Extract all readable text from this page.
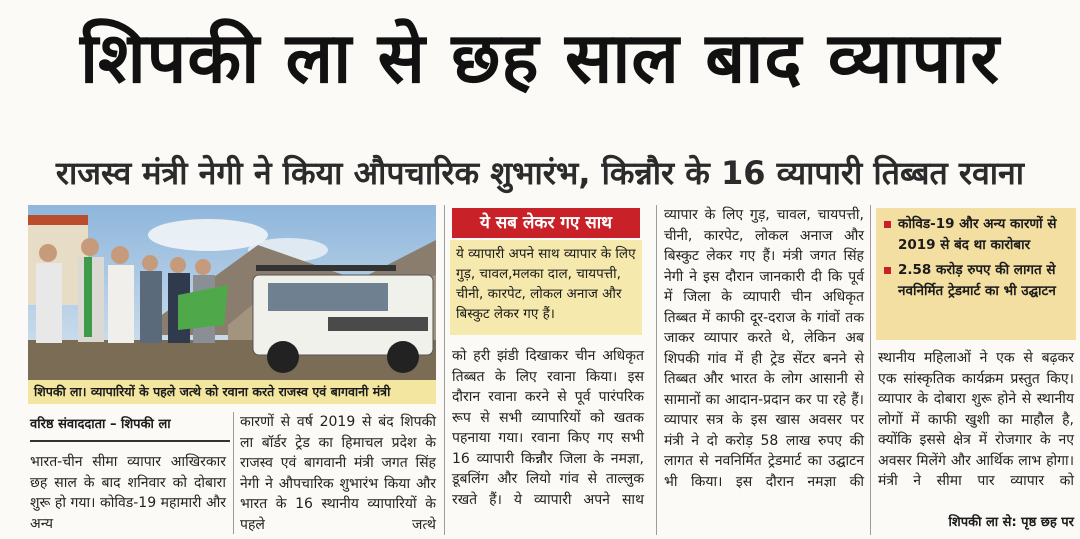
शिपकी ला से छह साल बाद व्यापार
राजस्व मंत्री नेगी ने किया औपचारिक शुभारंभ, किन्नौर के 16 व्यापारी तिब्बत रवाना
शिपकी ला। व्यापारियों के पहले जत्थे को रवाना करते राजस्व एवं बागवानी मंत्री
वरिष्ठ संवाददाता – शिपकी ला

भारत-चीन सीमा व्यापार आखिरकार छह साल के बाद शनिवार को दोबारा शुरू हो गया। कोविड-19 महामारी और अन्य

कारणों से वर्ष 2019 से बंद शिपकी ला बॉर्डर ट्रेड का हिमाचल प्रदेश के राजस्व एवं बागवानी मंत्री जगत सिंह नेगी ने औपचारिक शुभारंभ किया और भारत के 16 स्थानीय व्यापारियों के पहले जत्थे

ये सब लेकर गए साथ

ये व्यापारी अपने साथ व्यापार के लिए गुड़, चावल,मलका दाल, चायपत्ती, चीनी, कारपेट, लोकल अनाज और बिस्कुट लेकर गए हैं।

को हरी झंडी दिखाकर चीन अधिकृत तिब्बत के लिए रवाना किया। इस दौरान रवाना करने से पूर्व पारंपरिक रूप से सभी व्यापारियों को खतक पहनाया गया। रवाना किए गए सभी 16 व्यापारी किन्नौर जिला के नमज्ञा, डूबलिंग और लियो गांव से ताल्लुक रखते हैं। ये व्यापारी अपने साथ

व्यापार के लिए गुड़, चावल, चायपत्ती, चीनी, कारपेट, लोकल अनाज और बिस्कुट लेकर गए हैं। मंत्री जगत सिंह नेगी ने इस दौरान जानकारी दी कि पूर्व में जिला के व्यापारी चीन अधिकृत तिब्बत में काफी दूर-दराज के गांवों तक जाकर व्यापार करते थे, लेकिन अब शिपकी गांव में ही ट्रेड सेंटर बनने से तिब्बत और भारत के लोग आसानी से सामानों का आदान-प्रदान कर पा रहे हैं। व्यापार सत्र के इस खास अवसर पर मंत्री ने दो करोड़ 58 लाख रुपए की लागत से नवनिर्मित ट्रेडमार्ट का उद्घाटन भी किया। इस दौरान नमज्ञा की

कोविड-19 और अन्य कारणों से 2019 से बंद था कारोबार
2.58 करोड़ रुपए की लागत से नवनिर्मित ट्रेडमार्ट का भी उद्घाटन

स्थानीय महिलाओं ने एक से बढ़कर एक सांस्कृतिक कार्यक्रम प्रस्तुत किए। व्यापार के दोबारा शुरू होने से स्थानीय लोगों में काफी खुशी का माहौल है, क्योंकि इससे क्षेत्र में रोजगार के नए अवसर मिलेंगे और आर्थिक लाभ होगा। मंत्री ने सीमा पार व्यापार को

शिपकी ला से: पृष्ठ छह पर
